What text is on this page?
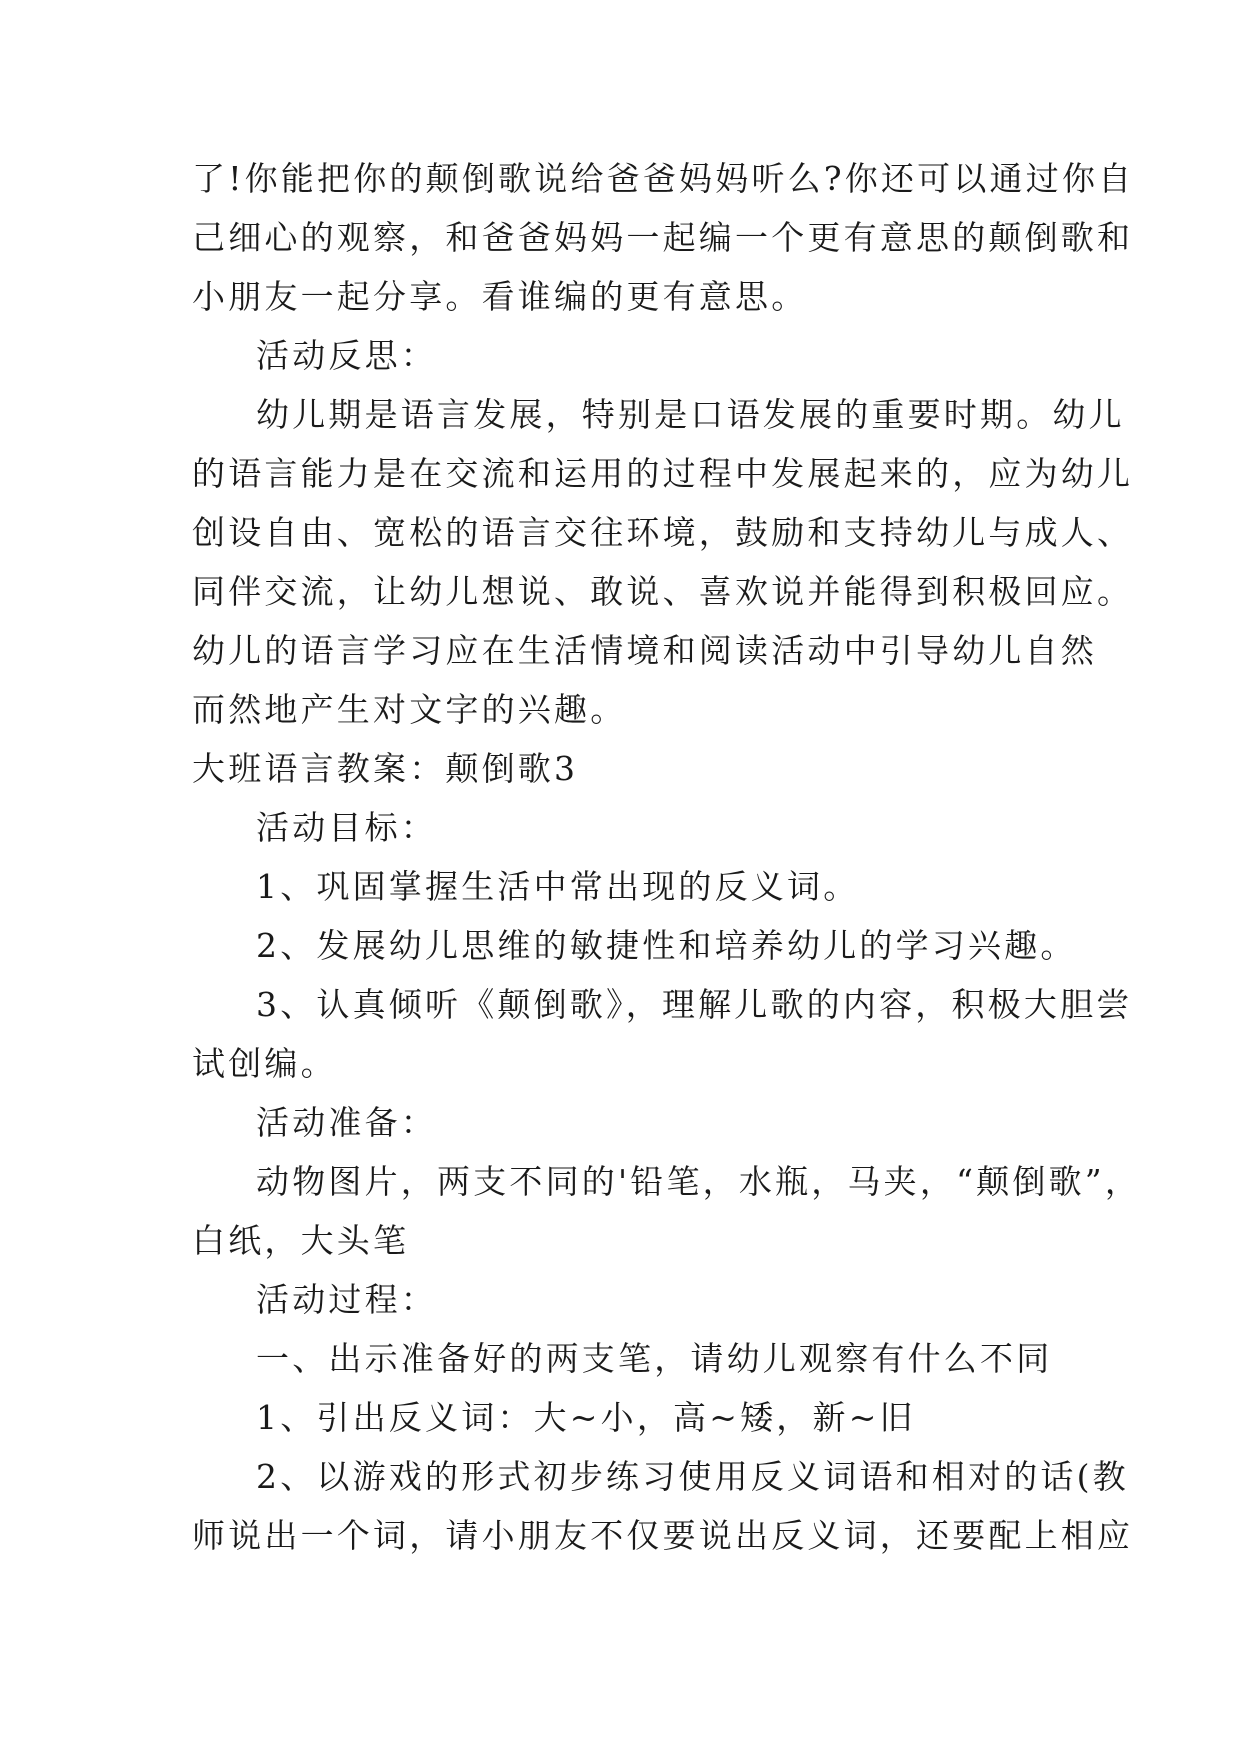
了!你能把你的颠倒歌说给爸爸妈妈听么?你还可以通过你自
己细心的观察，和爸爸妈妈一起编一个更有意思的颠倒歌和
小朋友一起分享。看谁编的更有意思。
活动反思：
幼儿期是语言发展，特别是口语发展的重要时期。幼儿
的语言能力是在交流和运用的过程中发展起来的，应为幼儿
创设自由、宽松的语言交往环境，鼓励和支持幼儿与成人、
同伴交流，让幼儿想说、敢说、喜欢说并能得到积极回应。
幼儿的语言学习应在生活情境和阅读活动中引导幼儿自然
而然地产生对文字的兴趣。
大班语言教案：颠倒歌3
活动目标：
1、巩固掌握生活中常出现的反义词。
2、发展幼儿思维的敏捷性和培养幼儿的学习兴趣。
3、认真倾听《颠倒歌》，理解儿歌的内容，积极大胆尝
试创编。
活动准备：
动物图片，两支不同的'铅笔，水瓶，马夹，“颠倒歌”，
白纸，大头笔
活动过程：
一、出示准备好的两支笔，请幼儿观察有什么不同
1、引出反义词：大~小，高~矮，新~旧
2、以游戏的形式初步练习使用反义词语和相对的话(教
师说出一个词，请小朋友不仅要说出反义词，还要配上相应
